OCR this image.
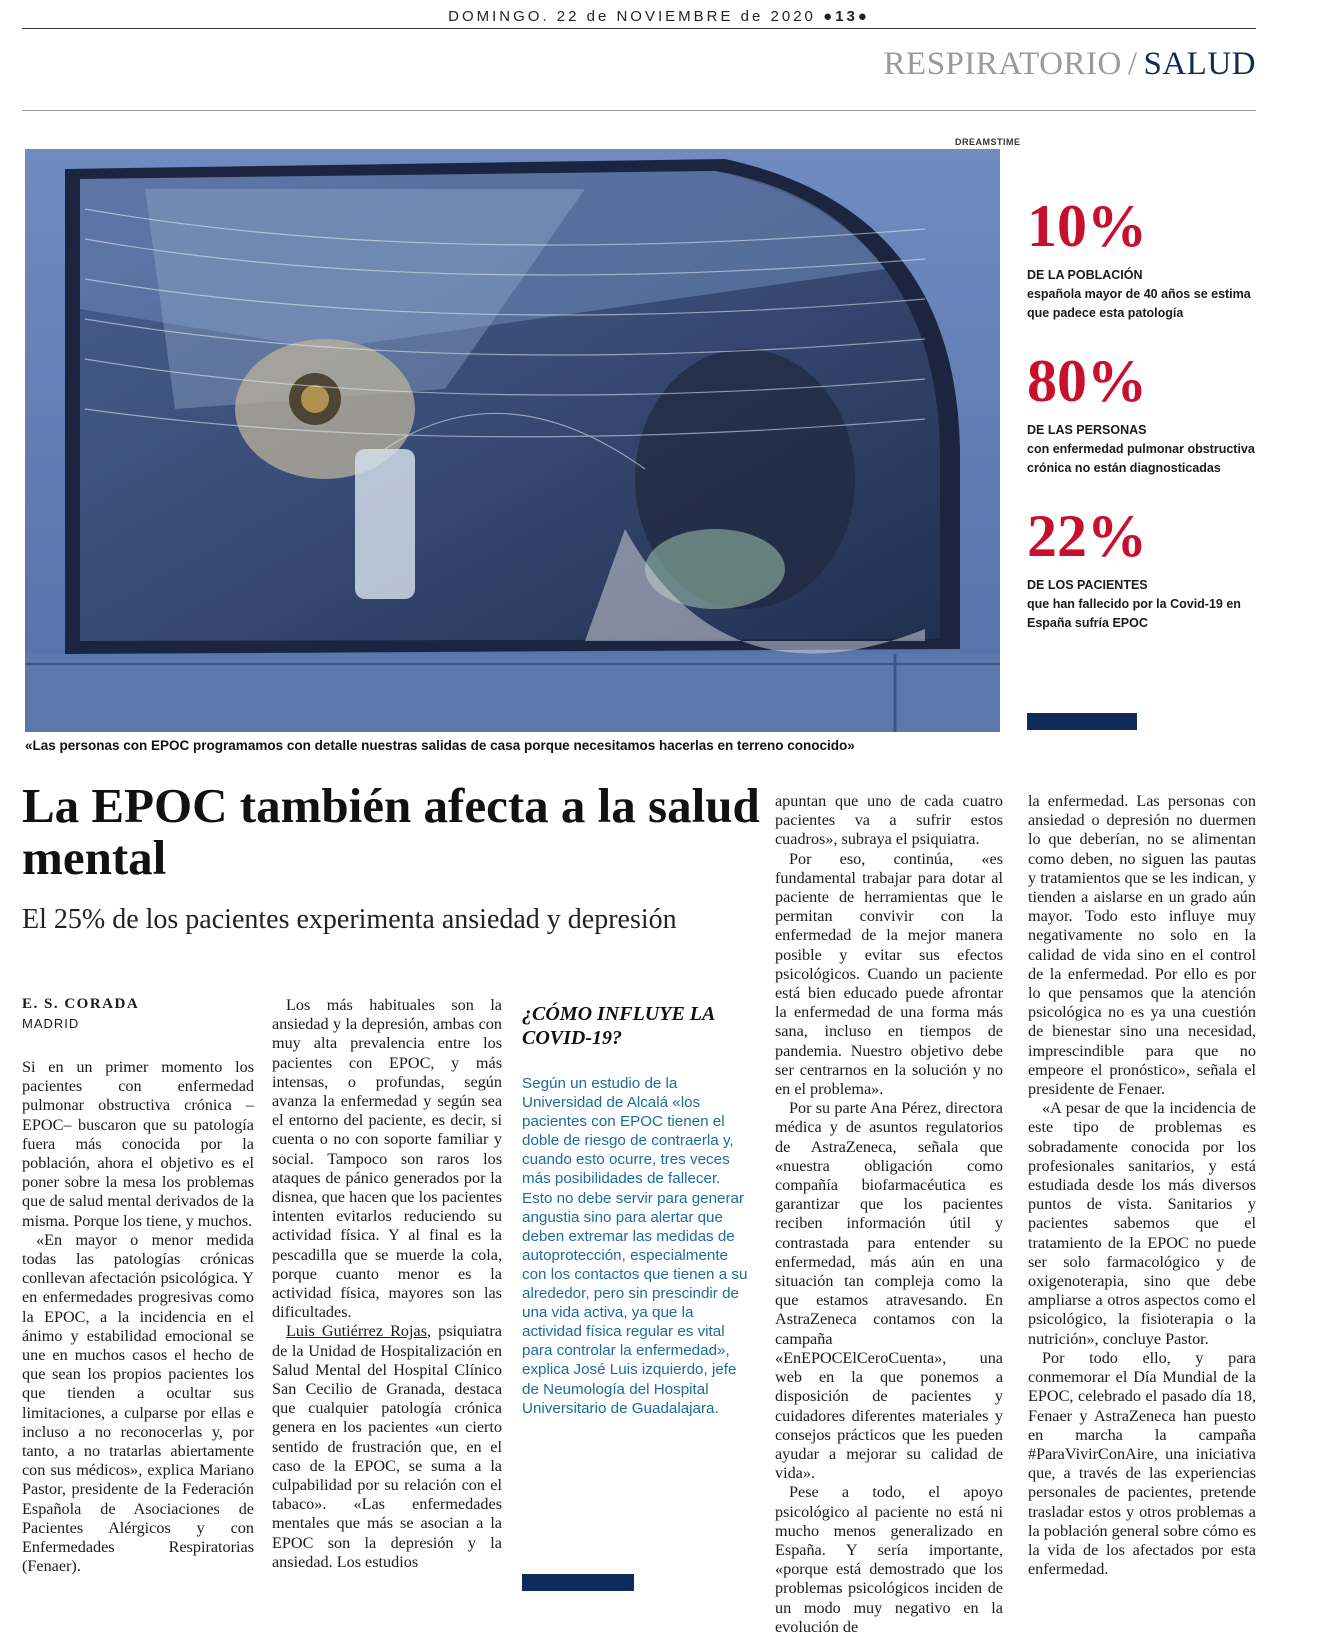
DOMINGO. 22 de NOVIEMBRE de 2020 ●13●
RESPIRATORIO / SALUD
DREAMSTIME
«Las personas con EPOC programamos con detalle nuestras salidas de casa porque necesitamos hacerlas en terreno conocido»
10%
DE LA POBLACIÓN
española mayor de 40 años se estima que padece esta patología
80%
DE LAS PERSONAS
con enfermedad pulmonar obstructiva crónica no están diagnosticadas
22%
DE LOS PACIENTES
que han fallecido por la Covid-19 en España sufría EPOC
La EPOC también afecta a la salud mental
El 25% de los pacientes experimenta ansiedad y depresión
E. S. CORADA
MADRID

Si en un primer momento los pacientes con enfermedad pulmonar obstructiva crónica –EPOC– buscaron que su patología fuera más conocida por la población, ahora el objetivo es el poner sobre la mesa los problemas que de salud mental derivados de la misma. Porque los tiene, y muchos.

«En mayor o menor medida todas las patologías crónicas conllevan afectación psicológica. Y en enfermedades progresivas como la EPOC, a la incidencia en el ánimo y estabilidad emocional se une en muchos casos el hecho de que sean los propios pacientes los que tienden a ocultar sus limitaciones, a culparse por ellas e incluso a no reconocerlas y, por tanto, a no tratarlas abiertamente con sus médicos», explica Mariano Pastor, presidente de la Federación Española de Asociaciones de Pacientes Alérgicos y con Enfermedades Respiratorias (Fenaer).

Los más habituales son la ansiedad y la depresión, ambas con muy alta prevalencia entre los pacientes con EPOC, y más intensas, o profundas, según avanza la enfermedad y según sea el entorno del paciente, es decir, si cuenta o no con soporte familiar y social. Tampoco son raros los ataques de pánico generados por la disnea, que hacen que los pacientes intenten evitarlos reduciendo su actividad física. Y al final es la pescadilla que se muerde la cola, porque cuanto menor es la actividad física, mayores son las dificultades.

Luis Gutiérrez Rojas, psiquiatra de la Unidad de Hospitalización en Salud Mental del Hospital Clínico San Cecilio de Granada, destaca que cualquier patología crónica genera en los pacientes «un cierto sentido de frustración que, en el caso de la EPOC, se suma a la culpabilidad por su relación con el tabaco». «Las enfermedades mentales que más se asocian a la EPOC son la depresión y la ansiedad. Los estudios

¿CÓMO INFLUYE LA COVID-19?
Según un estudio de la Universidad de Alcalá «los pacientes con EPOC tienen el doble de riesgo de contraerla y, cuando esto ocurre, tres veces más posibilidades de fallecer. Esto no debe servir para generar angustia sino para alertar que deben extremar las medidas de autoprotección, especialmente con los contactos que tienen a su alrededor, pero sin prescindir de una vida activa, ya que la actividad física regular es vital para controlar la enfermedad», explica José Luis izquierdo, jefe de Neumología del Hospital Universitario de Guadalajara.

apuntan que uno de cada cuatro pacientes va a sufrir estos cuadros», subraya el psiquiatra.

Por eso, continúa, «es fundamental trabajar para dotar al paciente de herramientas que le permitan convivir con la enfermedad de la mejor manera posible y evitar sus efectos psicológicos. Cuando un paciente está bien educado puede afrontar la enfermedad de una forma más sana, incluso en tiempos de pandemia. Nuestro objetivo debe ser centrarnos en la solución y no en el problema».

Por su parte Ana Pérez, directora médica y de asuntos regulatorios de AstraZeneca, señala que «nuestra obligación como compañía biofarmacéutica es garantizar que los pacientes reciben información útil y contrastada para entender su enfermedad, más aún en una situación tan compleja como la que estamos atravesando. En AstraZeneca contamos con la campaña «EnEPOCElCeroCuenta», una web en la que ponemos a disposición de pacientes y cuidadores diferentes materiales y consejos prácticos que les pueden ayudar a mejorar su calidad de vida».

Pese a todo, el apoyo psicológico al paciente no está ni mucho menos generalizado en España. Y sería importante, «porque está demostrado que los problemas psicológicos inciden de un modo muy negativo en la evolución de

la enfermedad. Las personas con ansiedad o depresión no duermen lo que deberían, no se alimentan como deben, no siguen las pautas y tratamientos que se les indican, y tienden a aislarse en un grado aún mayor. Todo esto influye muy negativamente no solo en la calidad de vida sino en el control de la enfermedad. Por ello es por lo que pensamos que la atención psicológica no es ya una cuestión de bienestar sino una necesidad, imprescindible para que no empeore el pronóstico», señala el presidente de Fenaer.

«A pesar de que la incidencia de este tipo de problemas es sobradamente conocida por los profesionales sanitarios, y está estudiada desde los más diversos puntos de vista. Sanitarios y pacientes sabemos que el tratamiento de la EPOC no puede ser solo farmacológico y de oxigenoterapia, sino que debe ampliarse a otros aspectos como el psicológico, la fisioterapia o la nutrición», concluye Pastor.

Por todo ello, y para conmemorar el Día Mundial de la EPOC, celebrado el pasado día 18, Fenaer y AstraZeneca han puesto en marcha la campaña #ParaVivirConAire, una iniciativa que, a través de las experiencias personales de pacientes, pretende trasladar estos y otros problemas a la población general sobre cómo es la vida de los afectados por esta enfermedad.
